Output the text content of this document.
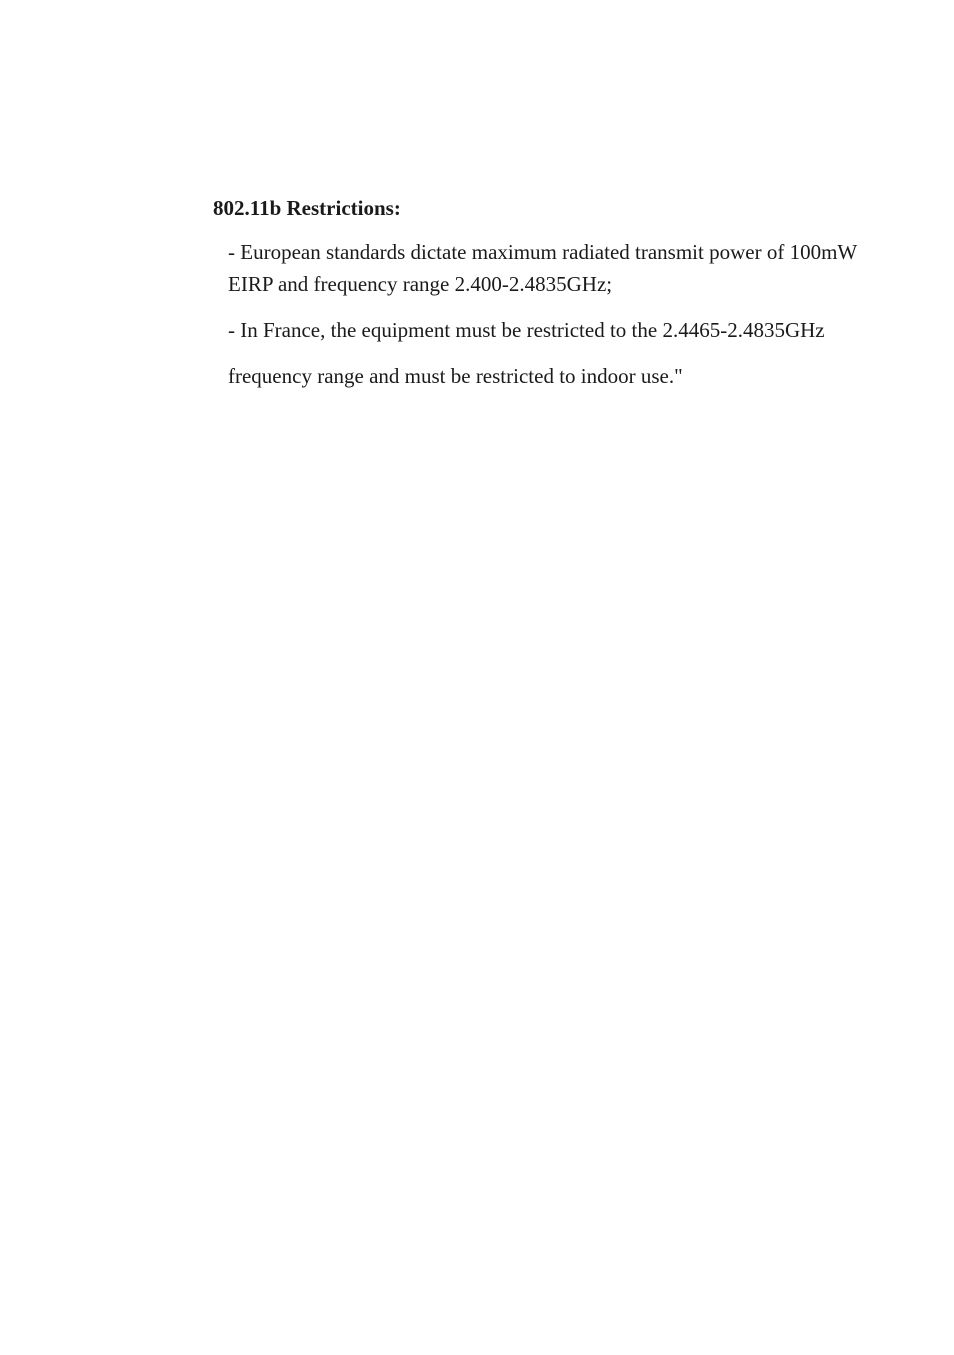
802.11b Restrictions:
- European standards dictate maximum radiated transmit power of 100mW
EIRP and frequency range 2.400-2.4835GHz;
- In France, the equipment must be restricted to the 2.4465-2.4835GHz
frequency range and must be restricted to indoor use."
